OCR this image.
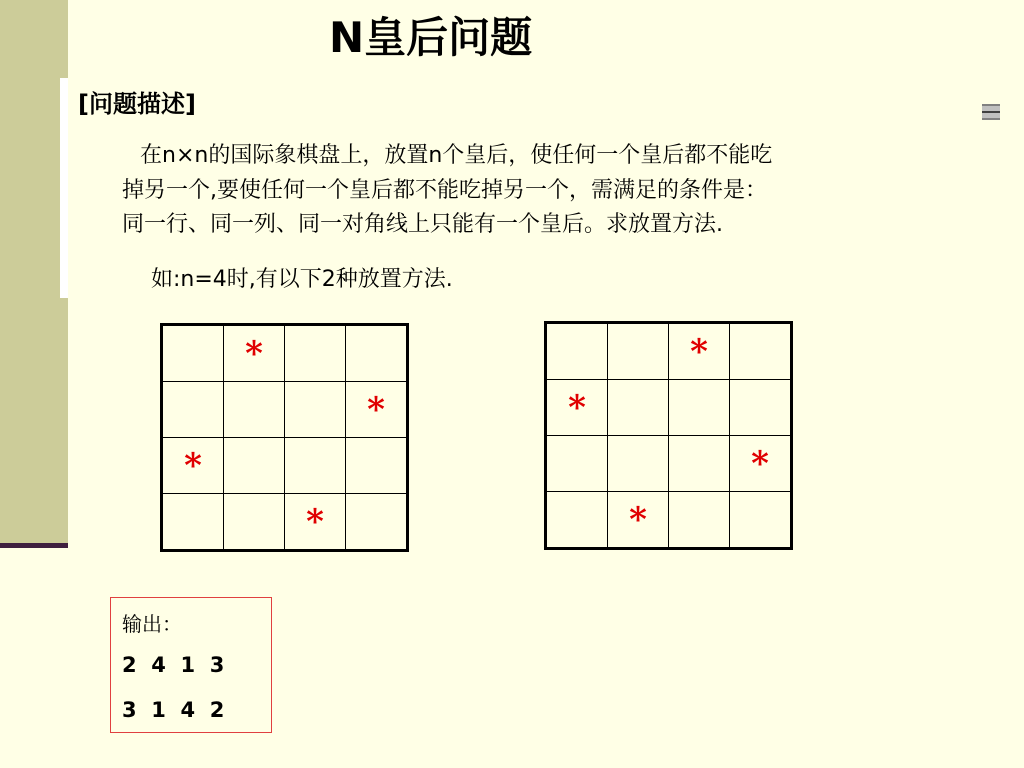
N皇后问题
[问题描述]
在n×n的国际象棋盘上，放置n个皇后，使任何一个皇后都不能吃
掉另一个,要使任何一个皇后都不能吃掉另一个，需满足的条件是：
同一行、同一列、同一对角线上只能有一个皇后。求放置方法.
如:n=4时,有以下2种放置方法.
	*		
			*
*			
		*	
		*	
*			
			*
	*		
输出：
2  4  1  3
3  1  4  2
